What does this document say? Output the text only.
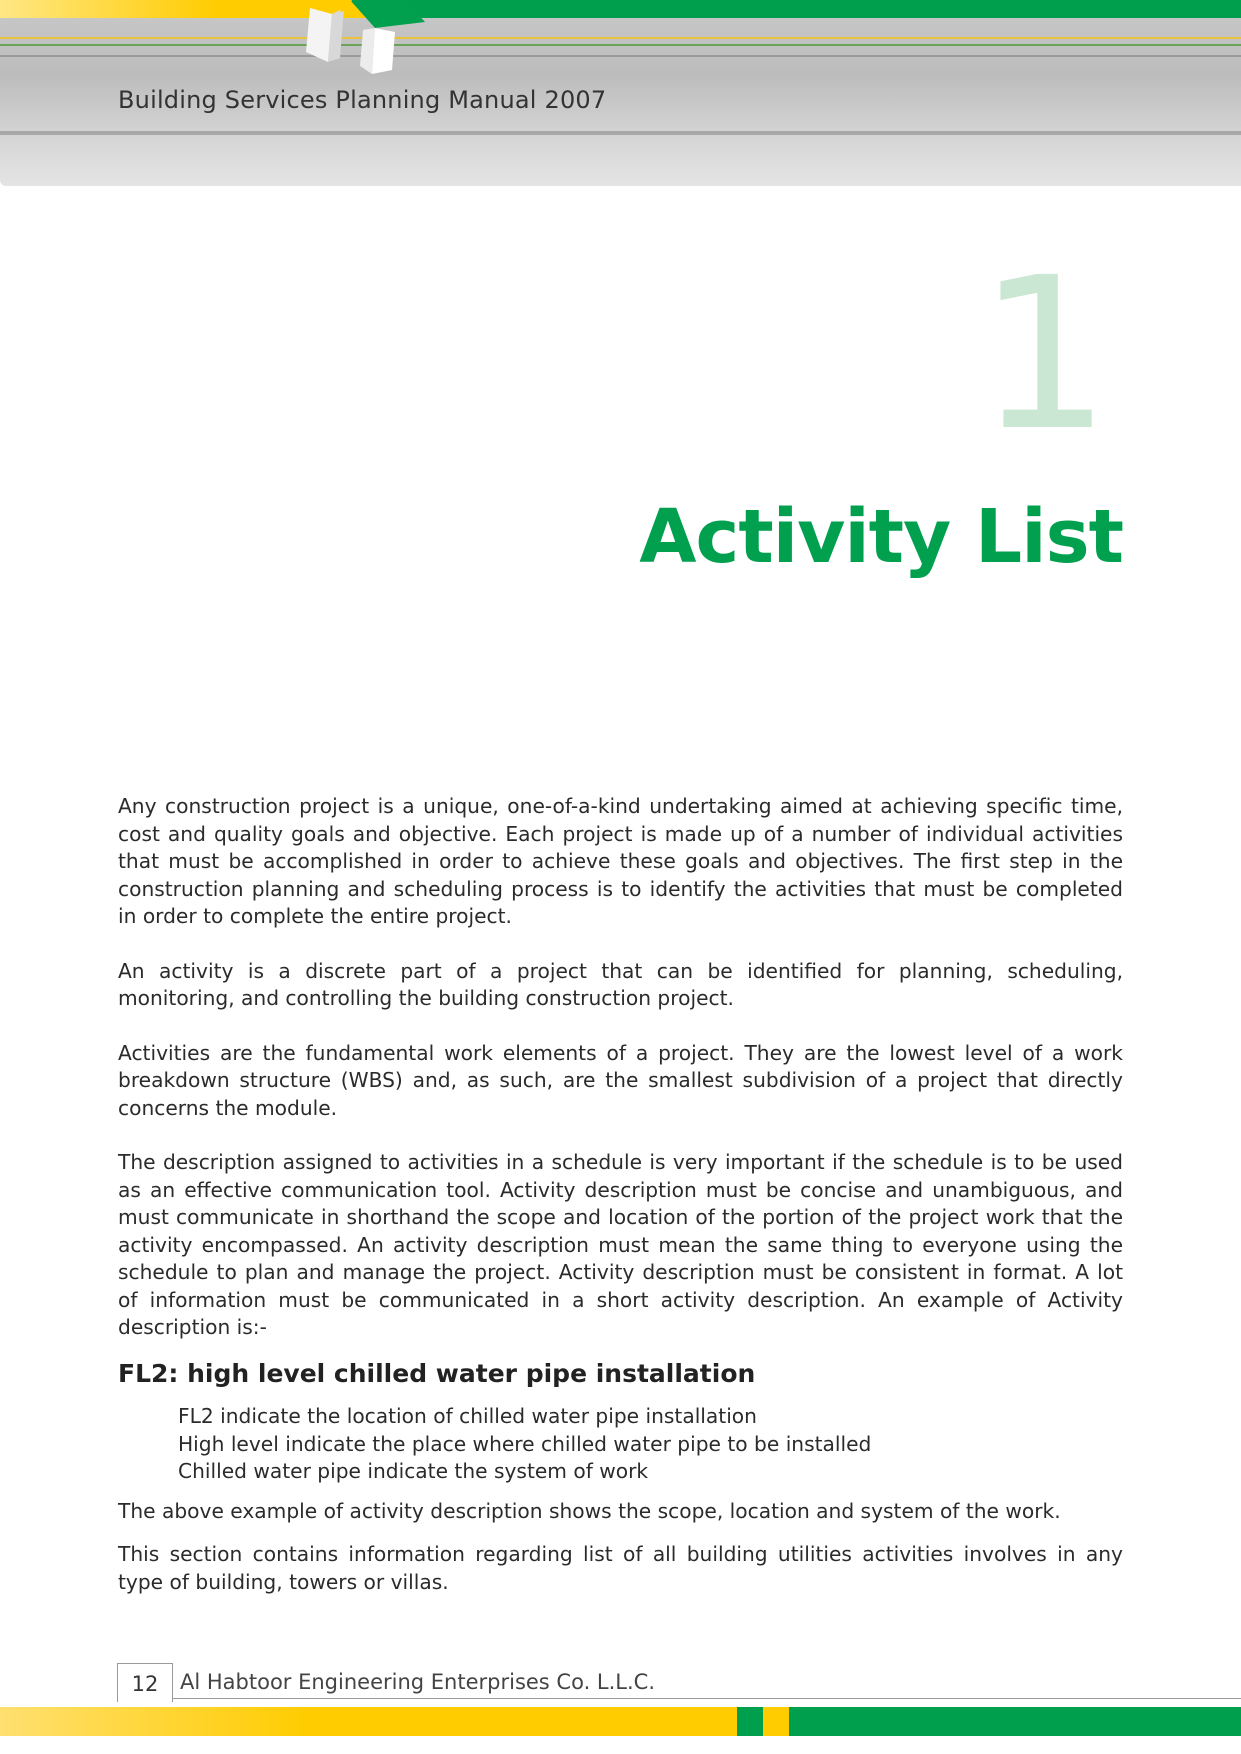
Building Services Planning Manual 2007
1
Activity List

Any construction project is a unique, one-of-a-kind undertaking aimed at achieving specific time, cost and quality goals and objective. Each project is made up of a number of individual activities that must be accomplished in order to achieve these goals and objectives. The first step in the construction planning and scheduling process is to identify the activities that must be completed in order to complete the entire project.

An activity is a discrete part of a project that can be identified for planning, scheduling, monitoring, and controlling the building construction project.

Activities are the fundamental work elements of a project. They are the lowest level of a work breakdown structure (WBS) and, as such, are the smallest subdivision of a project that directly concerns the module.

The description assigned to activities in a schedule is very important if the schedule is to be used as an effective communication tool. Activity description must be concise and unambiguous, and must communicate in shorthand the scope and location of the portion of the project work that the activity encompassed. An activity description must mean the same thing to everyone using the schedule to plan and manage the project. Activity description must be consistent in format. A lot of information must be communicated in a short activity description. An example of Activity description is:-

FL2: high level chilled water pipe installation
FL2 indicate the location of chilled water pipe installation
High level indicate the place where chilled water pipe to be installed
Chilled water pipe indicate the system of work

The above example of activity description shows the scope, location and system of the work.

This section contains information regarding list of all building utilities activities involves in any type of building, towers or villas.

12	Al Habtoor Engineering Enterprises Co. L.L.C.
